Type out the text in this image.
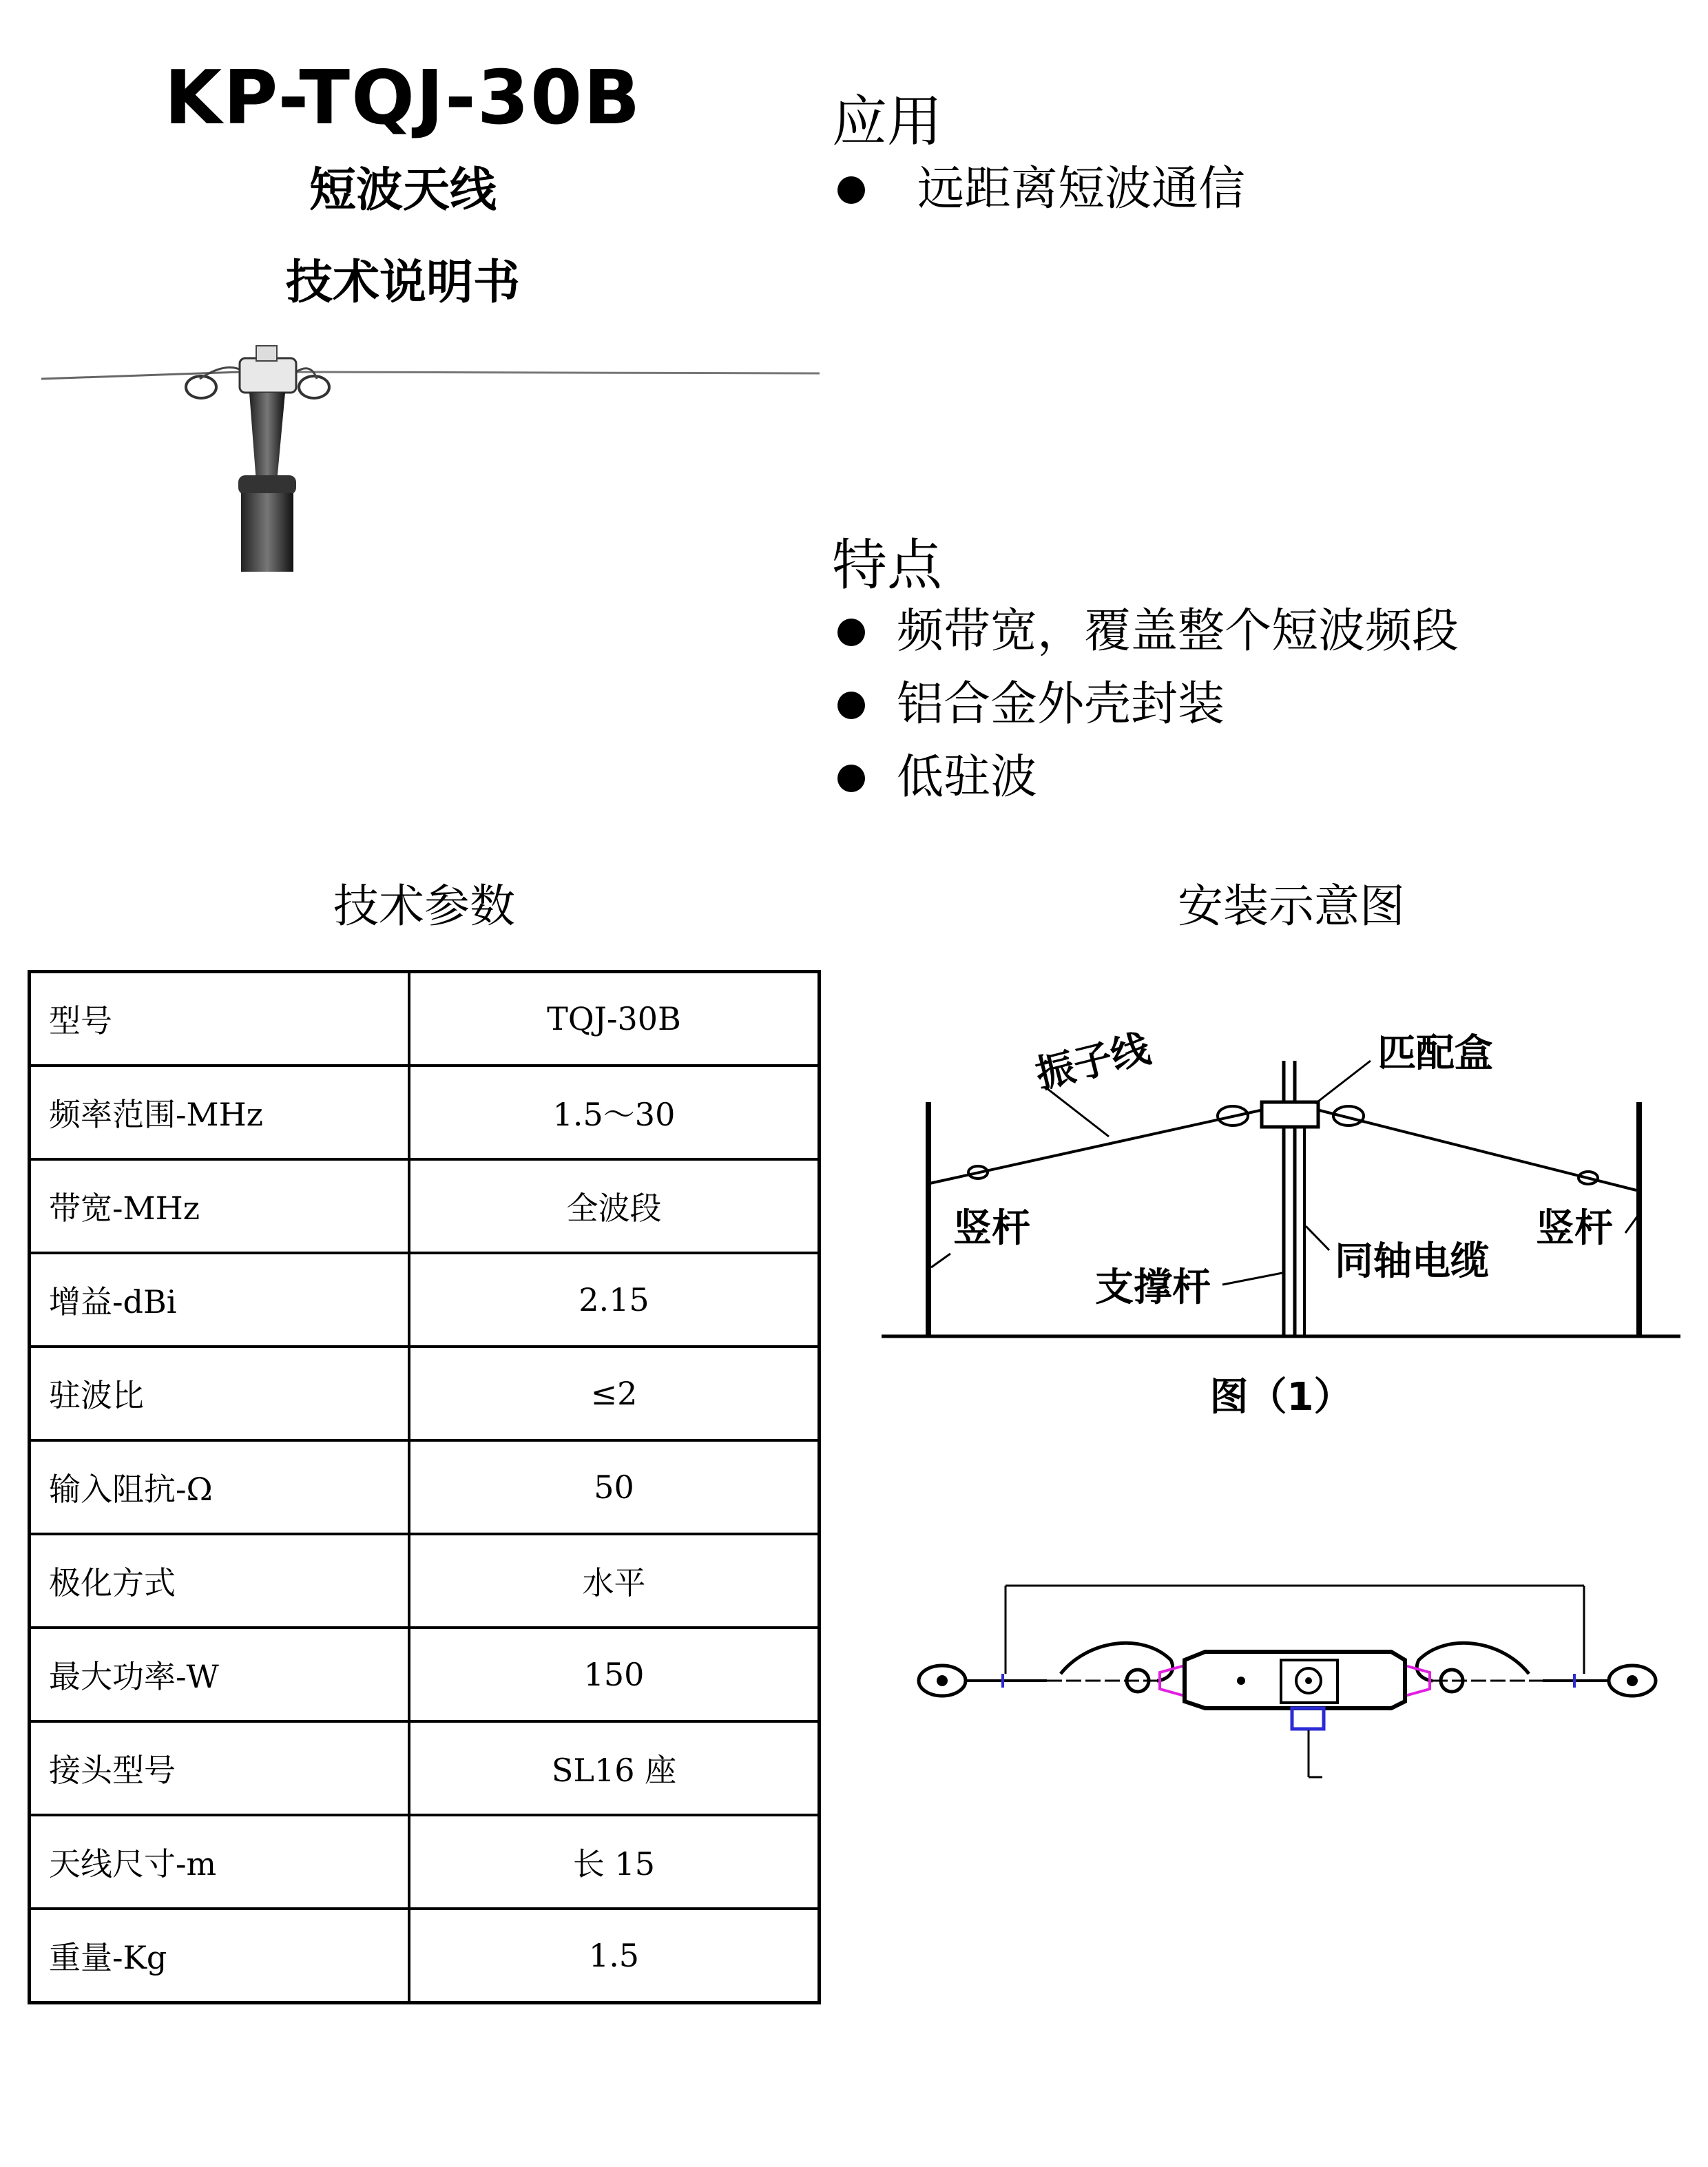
KP-TQJ-30B
短波天线
技术说明书
应用
远距离短波通信
特点
频带宽，覆盖整个短波频段
铝合金外壳封装
低驻波
技术参数	安装示意图
型号	TQJ-30B
频率范围-MHz	1.5～30
带宽-MHz	全波段
增益-dBi	2.15
驻波比	≤2
输入阻抗-Ω	50
极化方式	水平
最大功率-W	150
接头型号	SL16 座
天线尺寸-m	长 15
重量-Kg	1.5
振子线	匹配盒
竖杆	竖杆
支撑杆
同轴电缆
图（1）
